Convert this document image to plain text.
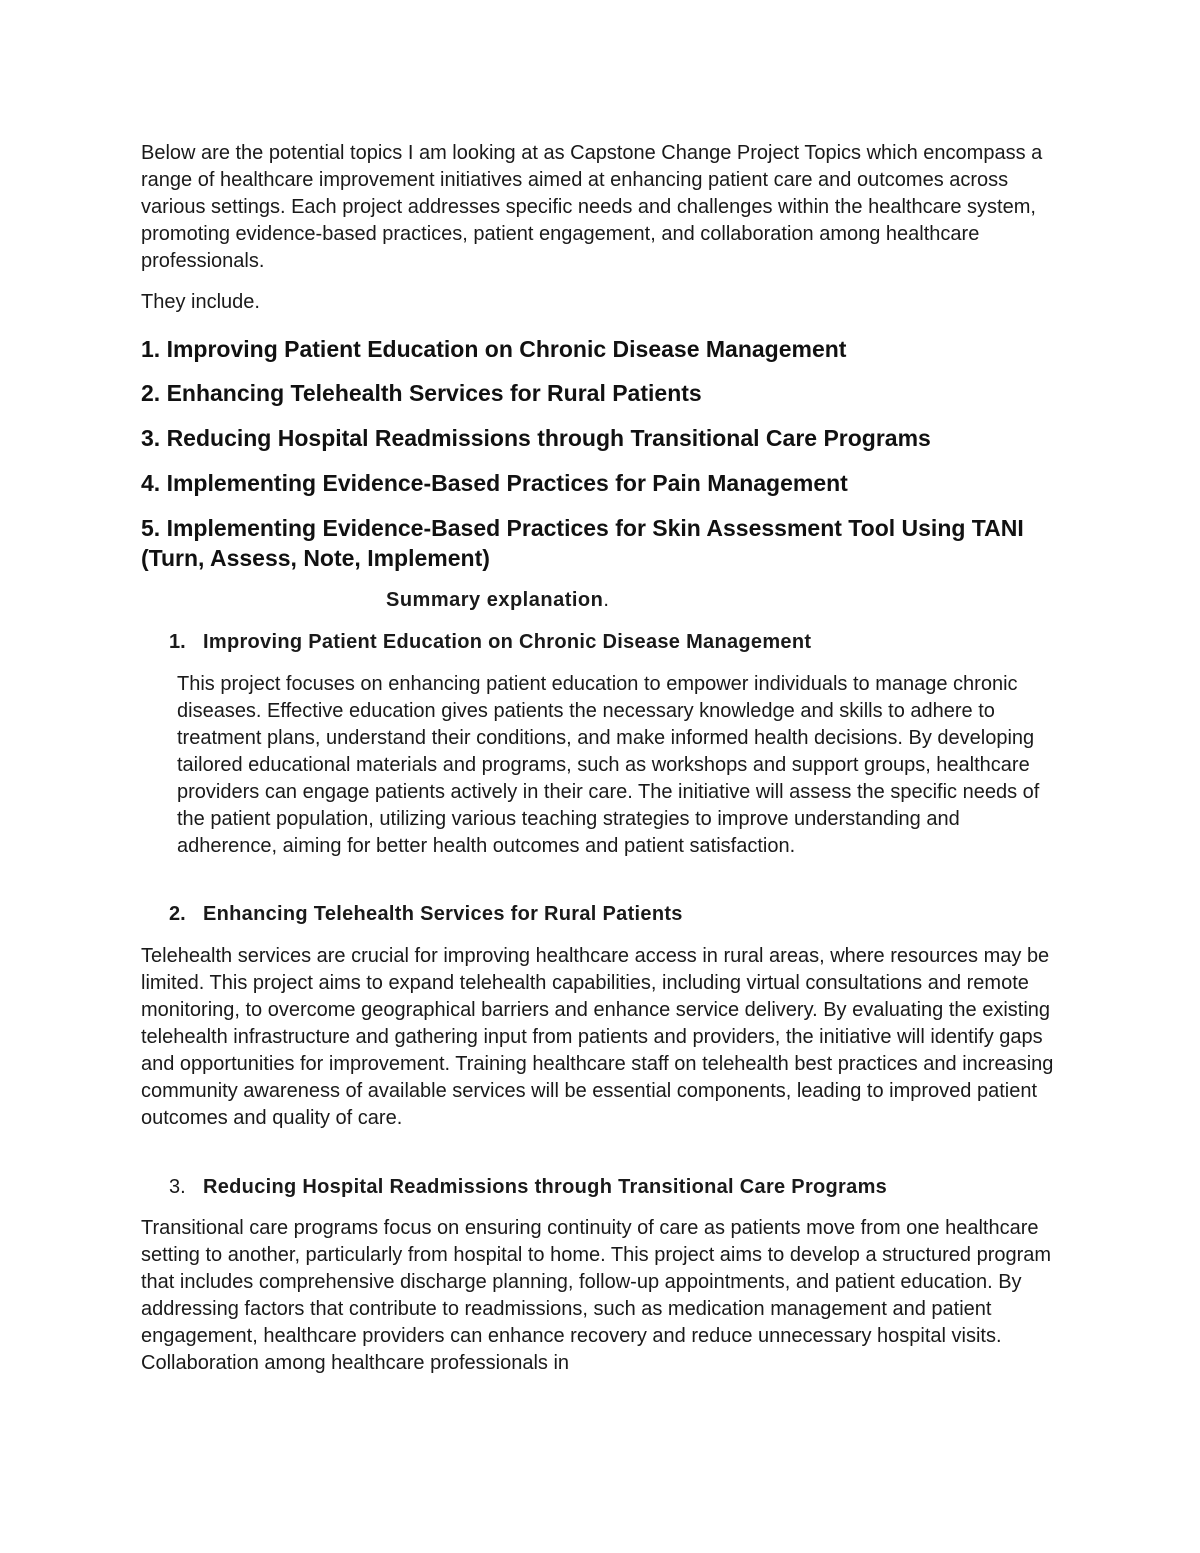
Below are the potential topics I am looking at as Capstone Change Project Topics which encompass a range of healthcare improvement initiatives aimed at enhancing patient care and outcomes across various settings. Each project addresses specific needs and challenges within the healthcare system, promoting evidence-based practices, patient engagement, and collaboration among healthcare professionals.

They include.

1. Improving Patient Education on Chronic Disease Management

2. Enhancing Telehealth Services for Rural Patients

3. Reducing Hospital Readmissions through Transitional Care Programs

4. Implementing Evidence-Based Practices for Pain Management

5. Implementing Evidence-Based Practices for Skin Assessment Tool Using TANI (Turn, Assess, Note, Implement)

Summary explanation.

1. Improving Patient Education on Chronic Disease Management

This project focuses on enhancing patient education to empower individuals to manage chronic diseases. Effective education gives patients the necessary knowledge and skills to adhere to treatment plans, understand their conditions, and make informed health decisions. By developing tailored educational materials and programs, such as workshops and support groups, healthcare providers can engage patients actively in their care. The initiative will assess the specific needs of the patient population, utilizing various teaching strategies to improve understanding and adherence, aiming for better health outcomes and patient satisfaction.

2. Enhancing Telehealth Services for Rural Patients

Telehealth services are crucial for improving healthcare access in rural areas, where resources may be limited. This project aims to expand telehealth capabilities, including virtual consultations and remote monitoring, to overcome geographical barriers and enhance service delivery. By evaluating the existing telehealth infrastructure and gathering input from patients and providers, the initiative will identify gaps and opportunities for improvement. Training healthcare staff on telehealth best practices and increasing community awareness of available services will be essential components, leading to improved patient outcomes and quality of care.

3. Reducing Hospital Readmissions through Transitional Care Programs

Transitional care programs focus on ensuring continuity of care as patients move from one healthcare setting to another, particularly from hospital to home. This project aims to develop a structured program that includes comprehensive discharge planning, follow-up appointments, and patient education. By addressing factors that contribute to readmissions, such as medication management and patient engagement, healthcare providers can enhance recovery and reduce unnecessary hospital visits. Collaboration among healthcare professionals in
